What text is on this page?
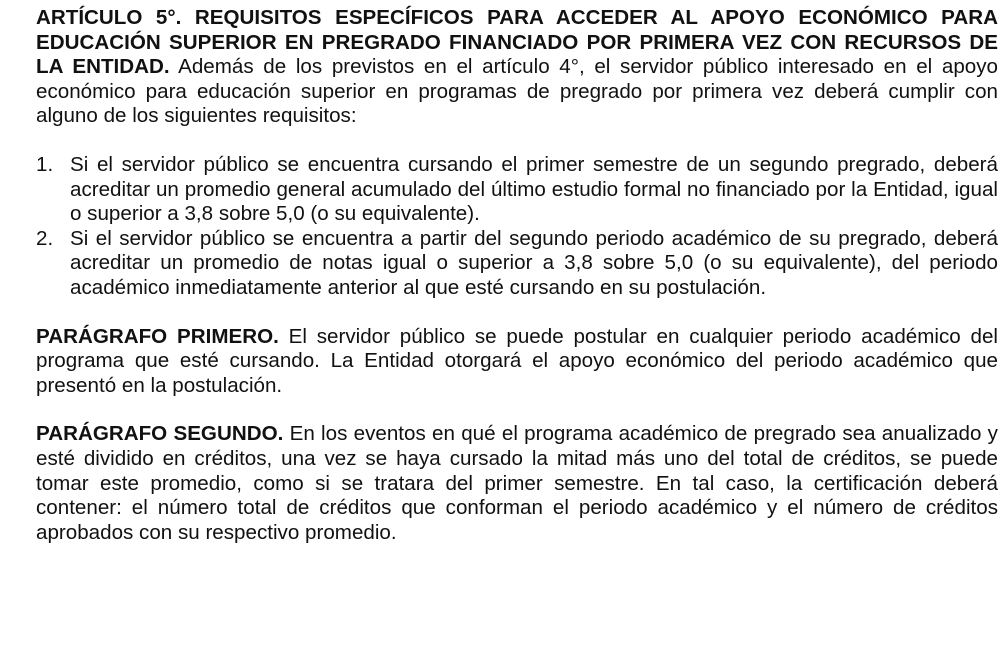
ARTÍCULO 5°. REQUISITOS ESPECÍFICOS PARA ACCEDER AL APOYO ECONÓMICO PARA EDUCACIÓN SUPERIOR EN PREGRADO FINANCIADO POR PRIMERA VEZ CON RECURSOS DE LA ENTIDAD. Además de los previstos en el artículo 4°, el servidor público interesado en el apoyo económico para educación superior en programas de pregrado por primera vez deberá cumplir con alguno de los siguientes requisitos:

1. Si el servidor público se encuentra cursando el primer semestre de un segundo pregrado, deberá acreditar un promedio general acumulado del último estudio formal no financiado por la Entidad, igual o superior a 3,8 sobre 5,0 (o su equivalente).
2. Si el servidor público se encuentra a partir del segundo periodo académico de su pregrado, deberá acreditar un promedio de notas igual o superior a 3,8 sobre 5,0 (o su equivalente), del periodo académico inmediatamente anterior al que esté cursando en su postulación.

PARÁGRAFO PRIMERO. El servidor público se puede postular en cualquier periodo académico del programa que esté cursando. La Entidad otorgará el apoyo económico del periodo académico que presentó en la postulación.

PARÁGRAFO SEGUNDO. En los eventos en qué el programa académico de pregrado sea anualizado y esté dividido en créditos, una vez se haya cursado la mitad más uno del total de créditos, se puede tomar este promedio, como si se tratara del primer semestre. En tal caso, la certificación deberá contener: el número total de créditos que conforman el periodo académico y el número de créditos aprobados con su respectivo promedio.
